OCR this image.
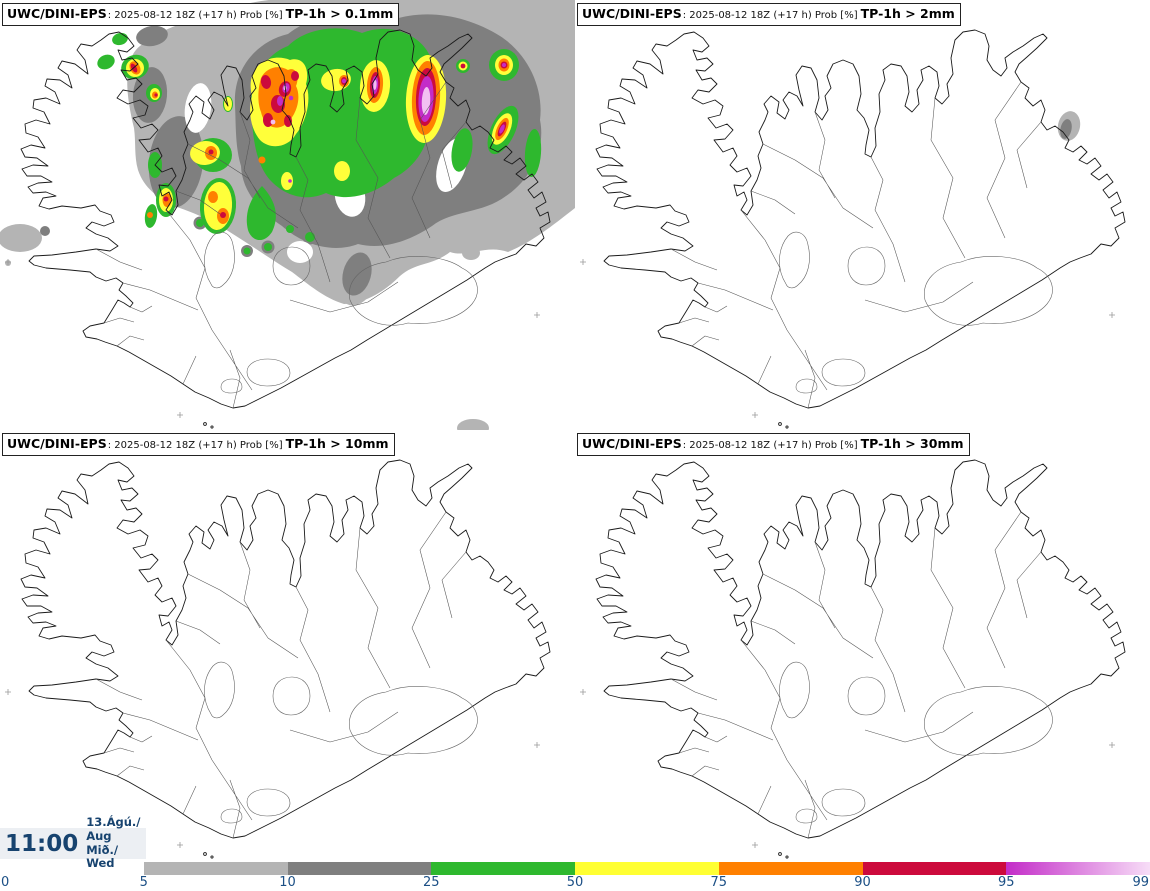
UWC/DINI-EPS: 2025-08-12 18Z (+17 h) Prob [%] TP-1h > 0.1mm	UWC/DINI-EPS: 2025-08-12 18Z (+17 h) Prob [%] TP-1h > 2mm
UWC/DINI-EPS: 2025-08-12 18Z (+17 h) Prob [%] TP-1h > 10mm	UWC/DINI-EPS: 2025-08-12 18Z (+17 h) Prob [%] TP-1h > 30mm
11:00
13.Ágú./ Aug
Mið./ Wed
0	5	10	25	50	75	90	95	99
